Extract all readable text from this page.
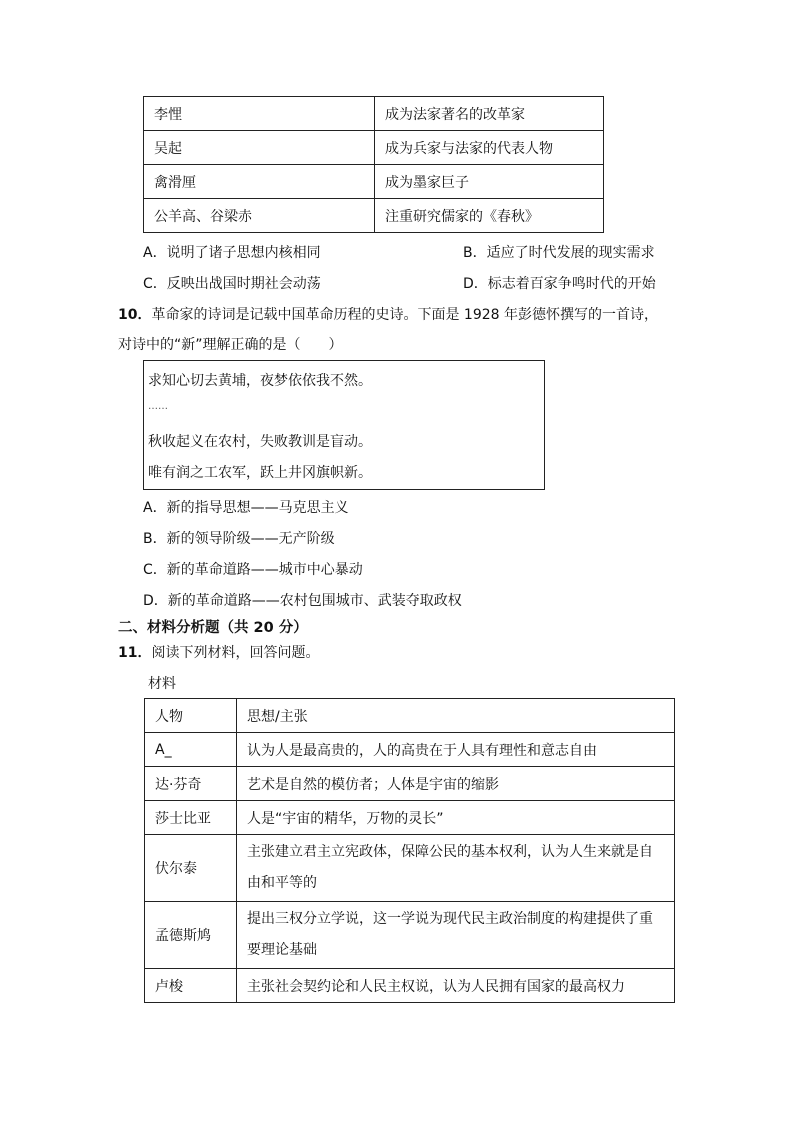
李悝	成为法家著名的改革家
吴起	成为兵家与法家的代表人物
禽滑厘	成为墨家巨子
公羊高、谷梁赤	注重研究儒家的《春秋》
A．说明了诸子思想内核相同	B．适应了时代发展的现实需求
C．反映出战国时期社会动荡	D．标志着百家争鸣时代的开始
10．革命家的诗词是记载中国革命历程的史诗。下面是 1928 年彭德怀撰写的一首诗，
对诗中的“新”理解正确的是（　　）
求知心切去黄埔，夜梦依依我不然。
……
秋收起义在农村，失败教训是盲动。
唯有润之工农军，跃上井冈旗帜新。
A．新的指导思想——马克思主义
B．新的领导阶级——无产阶级
C．新的革命道路——城市中心暴动
D．新的革命道路——农村包围城市、武装夺取政权
二、材料分析题（共 20 分）
11．阅读下列材料，回答问题。
材料
人物	思想/主张
A_	认为人是最高贵的，人的高贵在于人具有理性和意志自由
达·芬奇	艺术是自然的模仿者；人体是宇宙的缩影
莎士比亚	人是“宇宙的精华，万物的灵长”
伏尔泰	主张建立君主立宪政体，保障公民的基本权利，认为人生来就是自
由和平等的

孟德斯鸠	提出三权分立学说，这一学说为现代民主政治制度的构建提供了重
要理论基础

卢梭	主张社会契约论和人民主权说，认为人民拥有国家的最高权力
